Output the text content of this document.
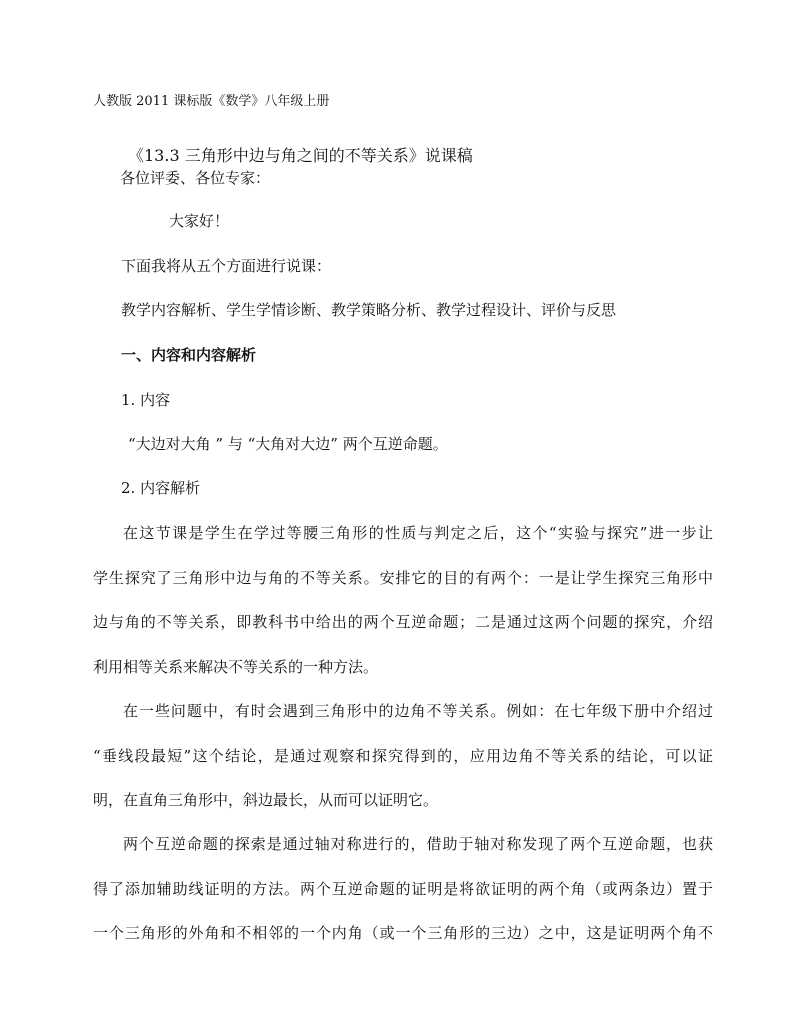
人教版 2011 课标版《数学》八年级上册
《13.3 三角形中边与角之间的不等关系》说课稿
各位评委、各位专家：
大家好！
下面我将从五个方面进行说课：
教学内容解析、学生学情诊断、教学策略分析、教学过程设计、评价与反思
一、内容和内容解析
1. 内容
“大边对大角 ” 与 “大角对大边” 两个互逆命题。
2. 内容解析
在这节课是学生在学过等腰三角形的性质与判定之后，这个“实验与探究”进一步让
学生探究了三角形中边与角的不等关系。安排它的目的有两个：一是让学生探究三角形中
边与角的不等关系，即教科书中给出的两个互逆命题；二是通过这两个问题的探究，介绍
利用相等关系来解决不等关系的一种方法。
在一些问题中，有时会遇到三角形中的边角不等关系。例如：在七年级下册中介绍过
“垂线段最短”这个结论，是通过观察和探究得到的，应用边角不等关系的结论，可以证
明，在直角三角形中，斜边最长，从而可以证明它。
两个互逆命题的探索是通过轴对称进行的，借助于轴对称发现了两个互逆命题，也获
得了添加辅助线证明的方法。两个互逆命题的证明是将欲证明的两个角（或两条边）置于
一个三角形的外角和不相邻的一个内角（或一个三角形的三边）之中，这是证明两个角不
